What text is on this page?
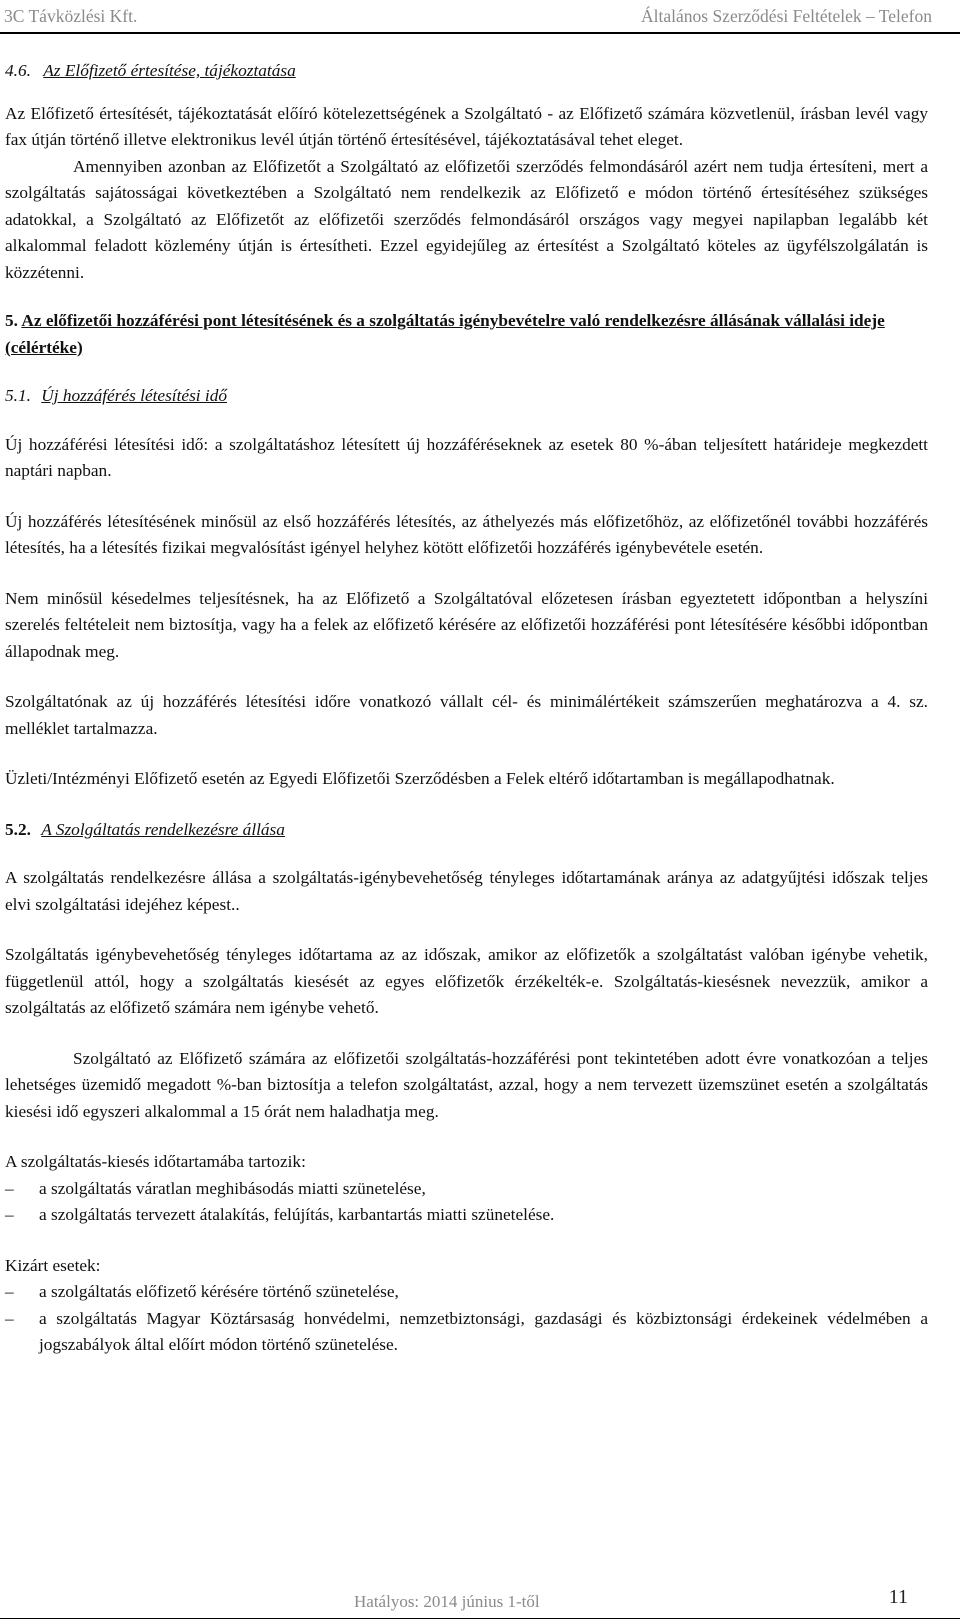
3C Távközlési Kft.	Általános Szerződési Feltételek – Telefon

4.6. Az Előfizető értesítése, tájékoztatása

Az Előfizető értesítését, tájékoztatását előíró kötelezettségének a Szolgáltató - az Előfizető számára közvetlenül, írásban levél vagy fax útján történő illetve elektronikus levél útján történő értesítésével, tájékoztatásával tehet eleget.

Amennyiben azonban az Előfizetőt a Szolgáltató az előfizetői szerződés felmondásáról azért nem tudja értesíteni, mert a szolgáltatás sajátosságai következtében a Szolgáltató nem rendelkezik az Előfizető e módon történő értesítéséhez szükséges adatokkal, a Szolgáltató az Előfizetőt az előfizetői szerződés felmondásáról országos vagy megyei napilapban legalább két alkalommal feladott közlemény útján is értesítheti. Ezzel egyidejűleg az értesítést a Szolgáltató köteles az ügyfélszolgálatán is közzétenni.

5. Az előfizetői hozzáférési pont létesítésének és a szolgáltatás igénybevételre való rendelkezésre állásának vállalási ideje (célértéke)

5.1. Új hozzáférés létesítési idő

Új hozzáférési létesítési idő: a szolgáltatáshoz létesített új hozzáféréseknek az esetek 80 %-ában teljesített határideje megkezdett naptári napban.

Új hozzáférés létesítésének minősül az első hozzáférés létesítés, az áthelyezés más előfizetőhöz, az előfizetőnél további hozzáférés létesítés, ha a létesítés fizikai megvalósítást igényel helyhez kötött előfizetői hozzáférés igénybevétele esetén.

Nem minősül késedelmes teljesítésnek, ha az Előfizető a Szolgáltatóval előzetesen írásban egyeztetett időpontban a helyszíni szerelés feltételeit nem biztosítja, vagy ha a felek az előfizető kérésére az előfizetői hozzáférési pont létesítésére későbbi időpontban állapodnak meg.

Szolgáltatónak az új hozzáférés létesítési időre vonatkozó vállalt cél- és minimálértékeit számszerűen meghatározva a 4. sz. melléklet tartalmazza.

Üzleti/Intézményi Előfizető esetén az Egyedi Előfizetői Szerződésben a Felek eltérő időtartamban is megállapodhatnak.

5.2. A Szolgáltatás rendelkezésre állása

A szolgáltatás rendelkezésre állása a szolgáltatás-igénybevehetőség tényleges időtartamának aránya az adatgyűjtési időszak teljes elvi szolgáltatási idejéhez képest..

Szolgáltatás igénybevehetőség tényleges időtartama az az időszak, amikor az előfizetők a szolgáltatást valóban igénybe vehetik, függetlenül attól, hogy a szolgáltatás kiesését az egyes előfizetők érzékelték-e. Szolgáltatás-kiesésnek nevezzük, amikor a szolgáltatás az előfizető számára nem igénybe vehető.

Szolgáltató az Előfizető számára az előfizetői szolgáltatás-hozzáférési pont tekintetében adott évre vonatkozóan a teljes lehetséges üzemidő megadott %-ban biztosítja a telefon szolgáltatást, azzal, hogy a nem tervezett üzemszünet esetén a szolgáltatás kiesési idő egyszeri alkalommal a 15 órát nem haladhatja meg.

A szolgáltatás-kiesés időtartamába tartozik:

– a szolgáltatás váratlan meghibásodás miatti szünetelése,
– a szolgáltatás tervezett átalakítás, felújítás, karbantartás miatti szünetelése.

Kizárt esetek:

– a szolgáltatás előfizető kérésére történő szünetelése,
– a szolgáltatás Magyar Köztársaság honvédelmi, nemzetbiztonsági, gazdasági és közbiztonsági érdekeinek védelmében a jogszabályok által előírt módon történő szünetelése.
11
Hatályos: 2014 június 1-től
